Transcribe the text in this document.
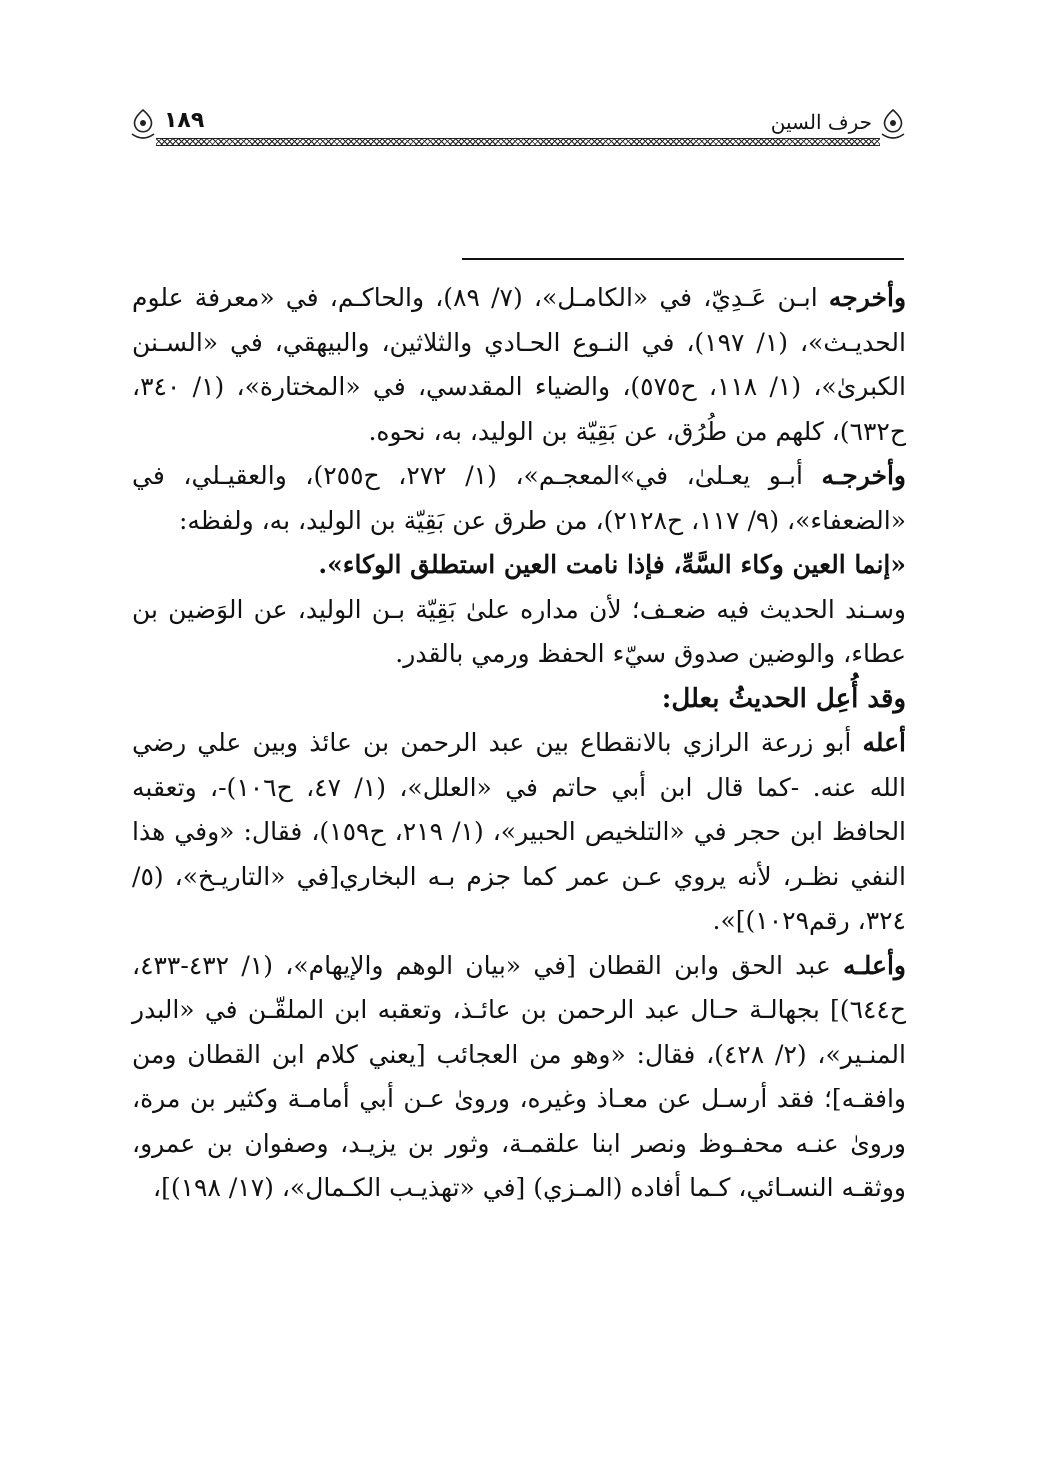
حرف السين
١٨٩

وأخرجه ابـن عَـدِيّ، في «الكامـل»، (٧/ ٨٩)، والحاكـم، في «معرفة علوم الحديـث»، (١/ ١٩٧)، في النـوع الحـادي والثلاثين، والبيهقي، في «السـنن الكبرىٰ»، (١/ ١١٨، ح٥٧٥)، والضياء المقدسي، في «المختارة»، (١/ ٣٤٠، ح٦٣٢)، كلهم من طُرُق، عن بَقِيّة بن الوليد، به، نحوه.

وأخرجـه أبـو يعـلىٰ، في»المعجـم»، (١/ ٢٧٢، ح٢٥٥)، والعقيـلي، في «الضعفاء»، (٩/ ١١٧، ح٢١٢٨)، من طرق عن بَقِيّة بن الوليد، به، ولفظه:

«إنما العين وكاء السَّهِّ، فإذا نامت العين استطلق الوكاء».

وسـند الحديث فيه ضعـف؛ لأن مداره علىٰ بَقِيّة بـن الوليد، عن الوَضين بن عطاء، والوضين صدوق سيّء الحفظ ورمي بالقدر.

وقد أُعِل الحديثُ بعلل:

أعله أبو زرعة الرازي بالانقطاع بين عبد الرحمن بن عائذ وبين علي رضي الله عنه. -كما قال ابن أبي حاتم في «العلل»، (١/ ٤٧، ح١٠٦)-، وتعقبه الحافظ ابن حجر في «التلخيص الحبير»، (١/ ٢١٩، ح١٥٩)، فقال: «وفي هذا النفي نظـر، لأنه يروي عـن عمر كما جزم بـه البخاري[في «التاريـخ»، (٥/ ٣٢٤، رقم١٠٢٩)]».

وأعلـه عبد الحق وابن القطان [في «بيان الوهم والإيهام»، (١/ ٤٣٢-٤٣٣، ح٦٤٤)] بجهالـة حـال عبد الرحمن بن عائـذ، وتعقبه ابن الملقّـن في «البدر المنـير»، (٢/ ٤٢٨)، فقال: «وهو من العجائب [يعني كلام ابن القطان ومن وافقـه]؛ فقد أرسـل عن معـاذ وغيره، وروىٰ عـن أبي أمامـة وكثير بن مرة، وروىٰ عنـه محفـوظ ونصر ابنا علقمـة، وثور بن يزيـد، وصفوان بن عمرو، ووثقـه النسـائي، كـما أفاده (المـزي) [في «تهذيـب الكـمال»، (١٧/ ١٩٨)]،
